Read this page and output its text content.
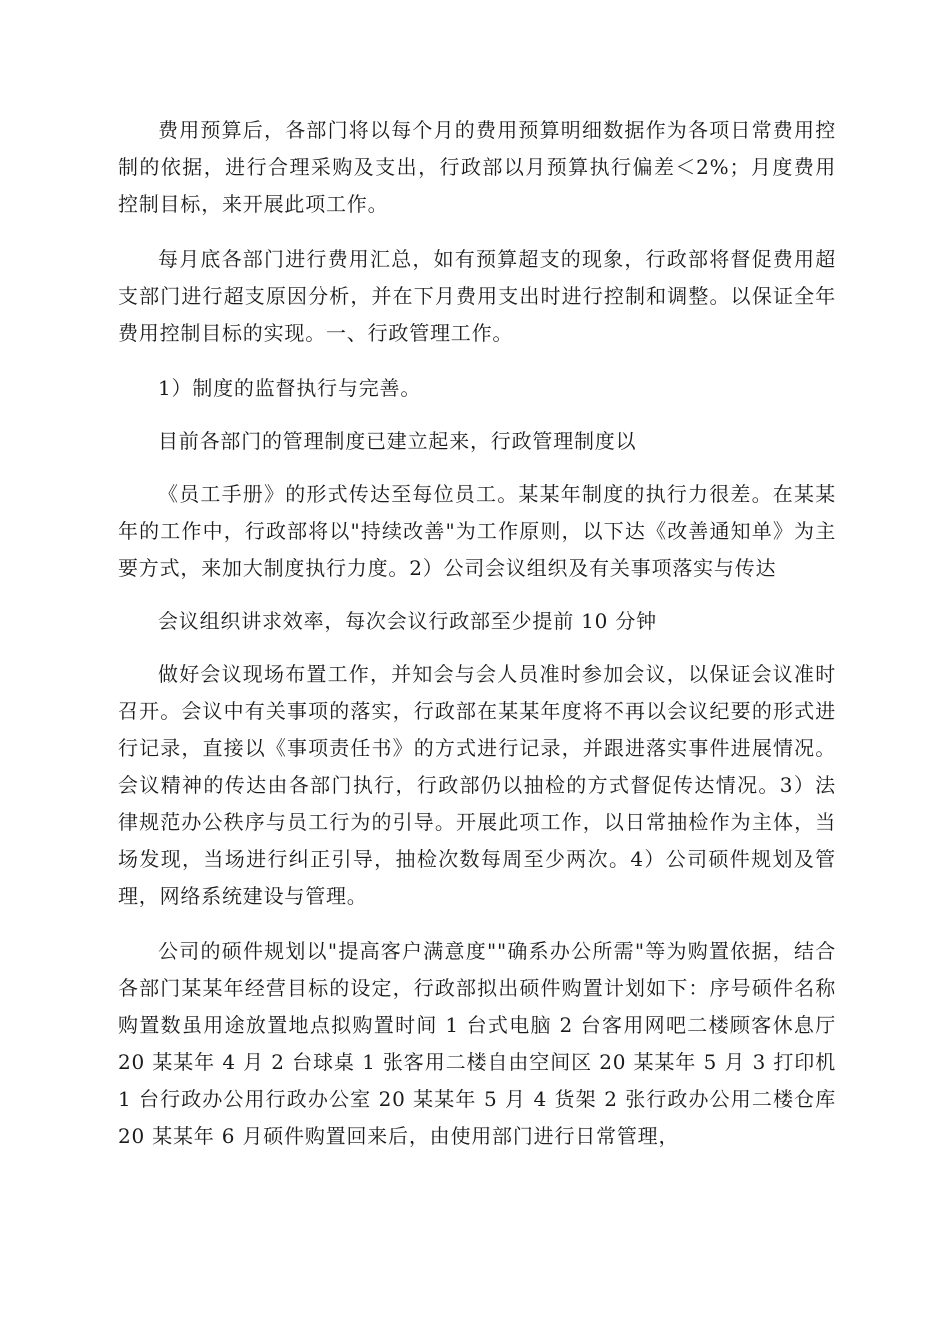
费用预算后，各部门将以每个月的费用预算明细数据作为各项日常费用控制的依据，进行合理采购及支出，行政部以月预算执行偏差＜2%；月度费用控制目标，来开展此项工作。

每月底各部门进行费用汇总，如有预算超支的现象，行政部将督促费用超支部门进行超支原因分析，并在下月费用支出时进行控制和调整。以保证全年费用控制目标的实现。一、行政管理工作。

1）制度的监督执行与完善。

目前各部门的管理制度已建立起来，行政管理制度以

《员工手册》的形式传达至每位员工。某某年制度的执行力很差。在某某年的工作中，行政部将以"持续改善"为工作原则，以下达《改善通知单》为主要方式，来加大制度执行力度。2）公司会议组织及有关事项落实与传达

会议组织讲求效率，每次会议行政部至少提前 10 分钟

做好会议现场布置工作，并知会与会人员准时参加会议，以保证会议准时召开。会议中有关事项的落实，行政部在某某年度将不再以会议纪要的形式进行记录，直接以《事项责任书》的方式进行记录，并跟进落实事件进展情况。会议精神的传达由各部门执行，行政部仍以抽检的方式督促传达情况。3）法律规范办公秩序与员工行为的引导。开展此项工作，以日常抽检作为主体，当场发现，当场进行纠正引导，抽检次数每周至少两次。4）公司硕件规划及管理，网络系统建设与管理。

公司的硕件规划以"提高客户满意度""确系办公所需"等为购置依据，结合各部门某某年经营目标的设定，行政部拟出硕件购置计划如下：序号硕件名称购置数虽用途放置地点拟购置时间 1 台式电脑 2 台客用网吧二楼顾客休息厅 20 某某年 4 月 2 台球桌 1 张客用二楼自由空间区 20 某某年 5 月 3 打印机 1 台行政办公用行政办公室 20 某某年 5 月 4 货架 2 张行政办公用二楼仓库 20 某某年 6 月硕件购置回来后，由使用部门进行日常管理，
